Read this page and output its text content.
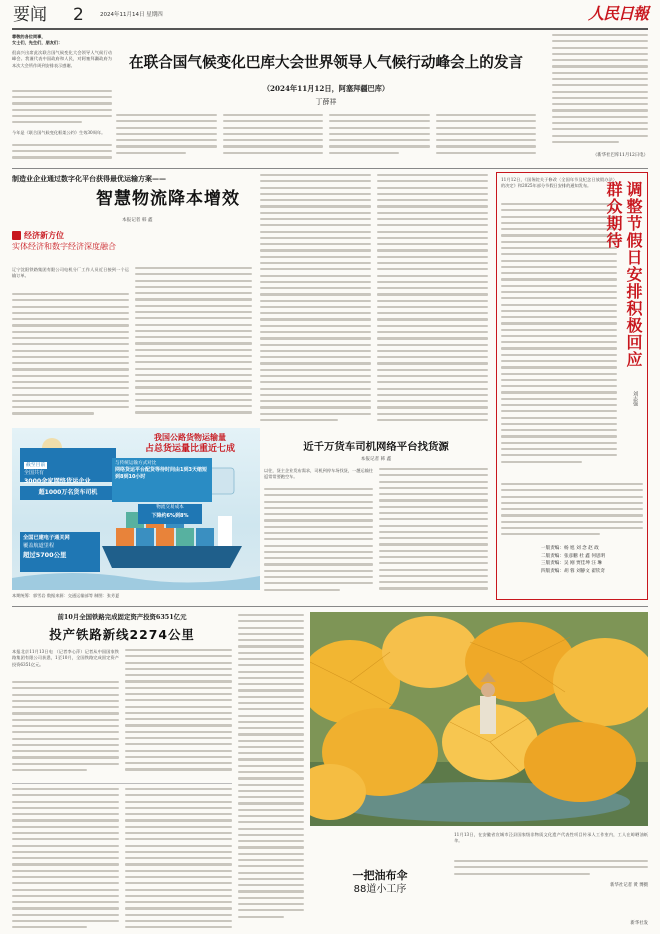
要闻 2	2024年11月14日 星期四	人民日報
尊敬的各位同事，
女士们，先生们，朋友们：
很高兴出席此次联合国气候变化大会领导人气候行动峰会。我谨代表中国政府和人民，对阿塞拜疆政府为本次大会所作周到安排表示感谢。
今年是《联合国气候变化框架公约》生效30周年。
在联合国气候变化巴库大会世界领导人气候行动峰会上的发言
（2024年11月12日，阿塞拜疆巴库）
丁薛祥
（新华社巴库11月12日电）
制造业企业通过数字化平台获得最优运输方案——
智慧物流降本增效
本报记者 韩 鑫
经济新方位
实体经济和数字经济深度融合
辽宁沈阳铁路集团有限公司电机分厂工作人员近日接到一个运输订单。
我国公路货物运输量
占总货运量比重近七成
截至目前
全国共有
3000余家网络货运企业
超1000万名货车司机
与传统运输方式对比
网络货运平台配货等待时间由1到3天缩短到8到10小时
物流交易成本
下降约6%到8%
全国已建电子通关网
覆盖航道里程
超过5700公里
本期统筹：郭雪岩 数据来源：交通运输部等 制图：张芳夏
近千万货车司机网络平台找货源
本报记者 韩 鑫
以往，货主企业发布需求，司机到停车场找货，一趟运输往返常常要跑空车。
11月12日，《国务院关于修改〈全国年节及纪念日放假办法〉的决定》和2025年部分节假日安排的通知发布。	调整节假日安排积极回应群众期待
刘志强
一版责编：杨 旭 刘 念 赵 政
二版责编：张彦鹏 杜 鑫 何思明
三版责编：吴 刚 贾佳坤 汪 琳
四版责编：胡 蓉 刘静文 翟钦奇
前10月全国铁路完成固定资产投资6351亿元
投产铁路新线2274公里
本报北京11月13日电 （记者李心萍）记者从中国国家铁路集团有限公司获悉，1至10月，全国铁路完成固定资产投资6351亿元。
一把油布伞
88道小工序
11月13日，在安徽省宣城市泾县国家级非物质文化遗产代表性项目传承人工作室内，工人在晾晒油纸伞。
新华社记者 黄 博摄
新华社发
